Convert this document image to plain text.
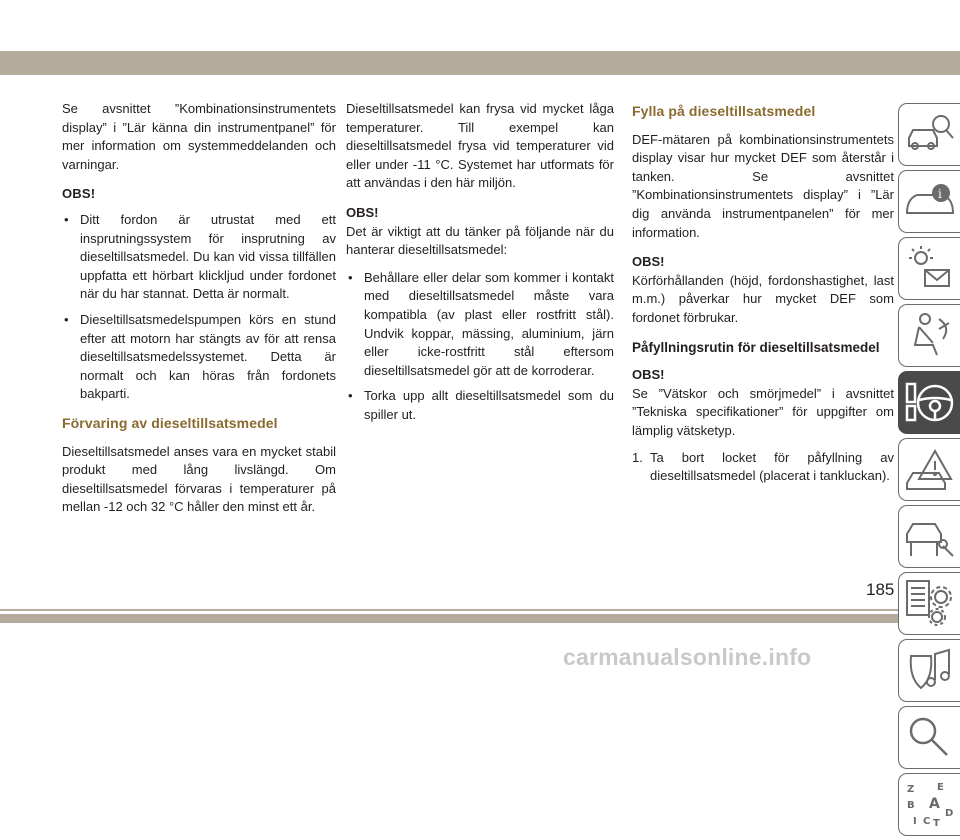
Se avsnittet ”Kombinationsinstrumentets display” i ”Lär känna din instrumentpanel” för mer information om systemmeddelanden och varningar.

OBS!

• Ditt fordon är utrustat med ett insprutningssystem för insprutning av dieseltillsatsmedel. Du kan vid vissa tillfällen uppfatta ett hörbart klickljud under fordonet när du har stannat. Detta är normalt.
• Dieseltillsatsmedelspumpen körs en stund efter att motorn har stängts av för att rensa dieseltillsatsmedelssystemet. Detta är normalt och kan höras från fordonets bakparti.
Förvaring av dieseltillsatsmedel

Dieseltillsatsmedel anses vara en mycket stabil produkt med lång livslängd. Om dieseltillsatsmedel förvaras i temperaturer på mellan -12 och 32 °C håller den minst ett år.

Dieseltillsatsmedel kan frysa vid mycket låga temperaturer. Till exempel kan dieseltillsatsmedel frysa vid temperaturer vid eller under -11 °C. Systemet har utformats för att användas i den här miljön.

OBS!
Det är viktigt att du tänker på följande när du hanterar dieseltillsatsmedel:

• Behållare eller delar som kommer i kontakt med dieseltillsatsmedel måste vara kompatibla (av plast eller rostfritt stål). Undvik koppar, mässing, aluminium, järn eller icke-rostfritt stål eftersom dieseltillsatsmedel gör att de korroderar.
• Torka upp allt dieseltillsatsmedel som du spiller ut.
Fylla på dieseltillsatsmedel

DEF-mätaren på kombinationsinstrumentets display visar hur mycket DEF som återstår i tanken. Se avsnittet ”Kombinationsinstrumentets display” i ”Lär dig använda instrumentpanelen” för mer information.

OBS!
Körförhållanden (höjd, fordonshastighet, last m.m.) påverkar hur mycket DEF som fordonet förbrukar.

Påfyllningsrutin för dieseltillsatsmedel

OBS!
Se ”Vätskor och smörjmedel” i avsnittet ”Tekniska specifikationer” för uppgifter om lämplig vätsketyp.

1. Ta bort locket för påfyllning av dieseltillsatsmedel (placerat i tankluckan).
i
Z E
B A
I C T
D
185
carmanualsonline.info
